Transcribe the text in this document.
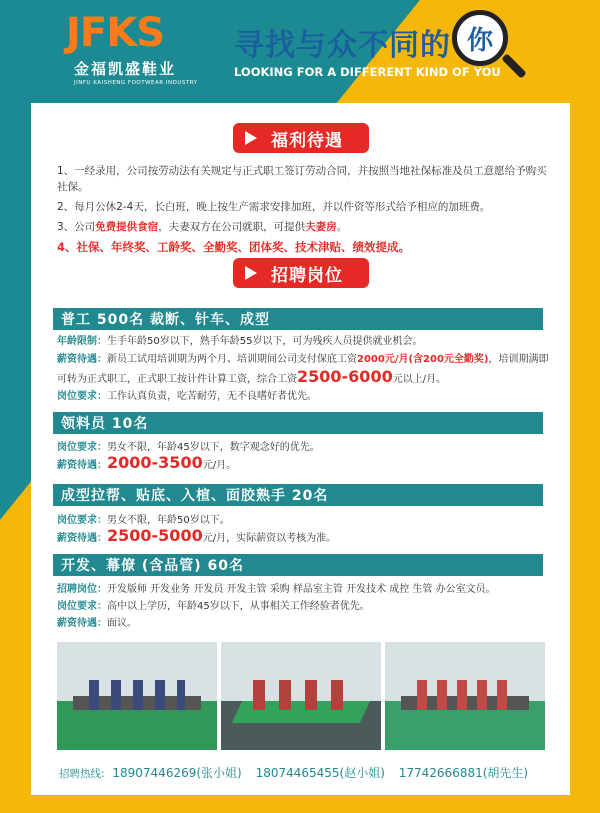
JFKS
金福凯盛鞋业
JINFU KAISHENG FOOTWEAR INDUSTRY
寻找与众不同的 你
LOOKING FOR A DIFFERENT KIND OF YOU
福利待遇
1、一经录用，公司按劳动法有关规定与正式职工签订劳动合同，并按照当地社保标准及员工意愿给予购买社保。
2、每月公休2-4天，长白班，晚上按生产需求安排加班，并以件资等形式给予相应的加班费。
3、公司免费提供食宿，夫妻双方在公司就职，可提供夫妻房。
4、社保、年终奖、工龄奖、全勤奖、团体奖、技术津贴、绩效提成。
招聘岗位
普工 500名 裁断、针车、成型
年龄限制：生手年龄50岁以下，熟手年龄55岁以下，可为残疾人员提供就业机会。
薪资待遇：新员工试用培训期为两个月、培训期间公司支付保底工资2000元/月(含200元全勤奖)，培训期满即可转为正式职工，正式职工按计件计算工资，综合工资2500-6000元以上/月。
岗位要求：工作认真负责，吃苦耐劳，无不良嗜好者优先。
领料员 10名
岗位要求：男女不限，年龄45岁以下，数字观念好的优先。
薪资待遇：2000-3500元/月。
成型拉帮、贴底、入楦、面胶熟手 20名
岗位要求：男女不限，年龄50岁以下。
薪资待遇：2500-5000元/月，实际薪资以考核为准。
开发、幕僚 (含品管) 60名
招聘岗位：开发版师 开发业务 开发员 开发主管 采购 样品室主管 开发技术 成控 生管 办公室文员。
岗位要求：高中以上学历，年龄45岁以下，从事相关工作经验者优先。
薪资待遇：面议。
招聘热线: 18907446269(张小姐) 18074465455(赵小姐) 17742666881(胡先生)
